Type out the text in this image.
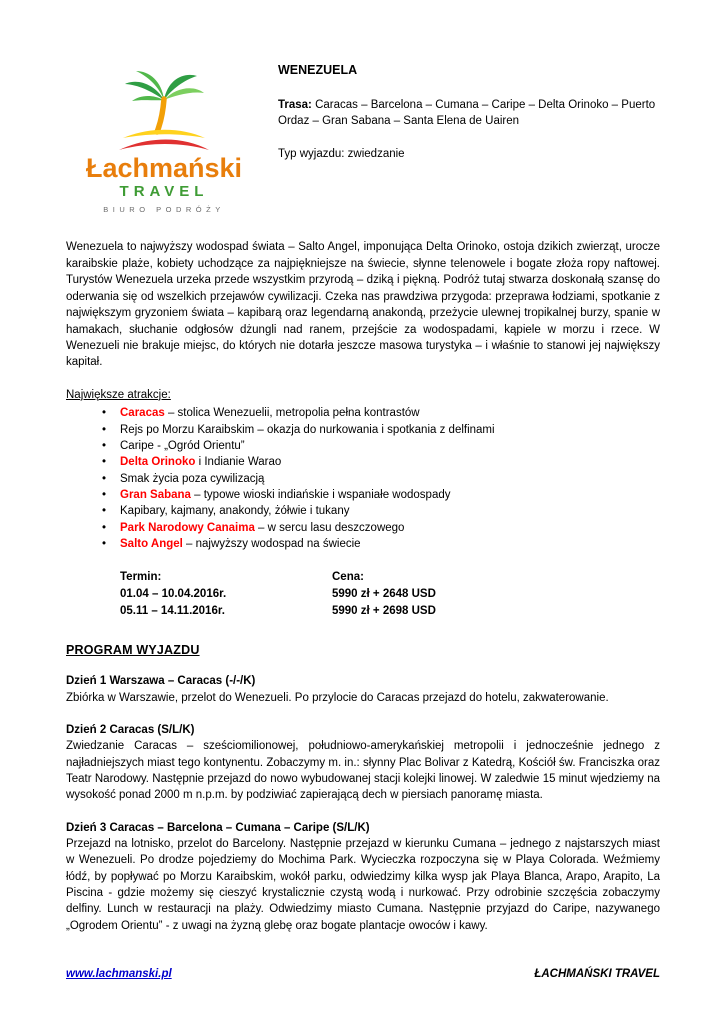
Łachmański
TRAVEL
BIURO PODRÓŻY
WENEZUELA
Trasa: Caracas – Barcelona – Cumana – Caripe – Delta Orinoko – Puerto Ordaz – Gran Sabana – Santa Elena de Uairen
Typ wyjazdu: zwiedzanie

Wenezuela to najwyższy wodospad świata – Salto Angel, imponująca Delta Orinoko, ostoja dzikich zwierząt, urocze karaibskie plaże, kobiety uchodzące za najpiękniejsze na świecie, słynne telenowele i bogate złoża ropy naftowej. Turystów Wenezuela urzeka przede wszystkim przyrodą – dziką i piękną. Podróż tutaj stwarza doskonałą szansę do oderwania się od wszelkich przejawów cywilizacji. Czeka nas prawdziwa przygoda: przeprawa łodziami, spotkanie z największym gryzoniem świata – kapibarą oraz legendarną anakondą, przeżycie ulewnej tropikalnej burzy, spanie w hamakach, słuchanie odgłosów dżungli nad ranem, przejście za wodospadami, kąpiele w morzu i rzece. W Wenezueli nie brakuje miejsc, do których nie dotarła jeszcze masowa turystyka – i właśnie to stanowi jej największy kapitał.

Największe atrakcje:
• Caracas – stolica Wenezuelii, metropolia pełna kontrastów
• Rejs po Morzu Karaibskim – okazja do nurkowania i spotkania z delfinami
• Caripe - „Ogród Orientu”
• Delta Orinoko i Indianie Warao
• Smak życia poza cywilizacją
• Gran Sabana – typowe wioski indiańskie i wspaniałe wodospady
• Kapibary, kajmany, anakondy, żółwie i tukany
• Park Narodowy Canaima – w sercu lasu deszczowego
• Salto Angel – najwyższy wodospad na świecie
Termin:	Cena:
01.04 – 10.04.2016r.	5990 zł + 2648 USD
05.11 – 14.11.2016r.	5990 zł + 2698 USD
PROGRAM WYJAZDU
Dzień 1 Warszawa – Caracas (-/-/K)

Zbiórka w Warszawie, przelot do Wenezueli. Po przylocie do Caracas przejazd do hotelu, zakwaterowanie.

Dzień 2 Caracas (S/L/K)

Zwiedzanie Caracas – sześciomilionowej, południowo-amerykańskiej metropolii i jednocześnie jednego z najładniejszych miast tego kontynentu. Zobaczymy m. in.: słynny Plac Bolivar z Katedrą, Kościół św. Franciszka oraz Teatr Narodowy. Następnie przejazd do nowo wybudowanej stacji kolejki linowej. W zaledwie 15 minut wjedziemy na wysokość ponad 2000 m n.p.m. by podziwiać zapierającą dech w piersiach panoramę miasta.

Dzień 3 Caracas – Barcelona – Cumana – Caripe (S/L/K)

Przejazd na lotnisko, przelot do Barcelony. Następnie przejazd w kierunku Cumana – jednego z najstarszych miast w Wenezueli. Po drodze pojedziemy do Mochima Park. Wycieczka rozpoczyna się w Playa Colorada. Weźmiemy łódź, by popływać po Morzu Karaibskim, wokół parku, odwiedzimy kilka wysp jak Playa Blanca, Arapo, Arapito, La Piscina - gdzie możemy się cieszyć krystalicznie czystą wodą i nurkować. Przy odrobinie szczęścia zobaczymy delfiny. Lunch w restauracji na plaży. Odwiedzimy miasto Cumana. Następnie przyjazd do Caripe, nazywanego „Ogrodem Orientu” - z uwagi na żyzną glebę oraz bogate plantacje owoców i kawy.

www.lachmanski.pl	ŁACHMAŃSKI TRAVEL
